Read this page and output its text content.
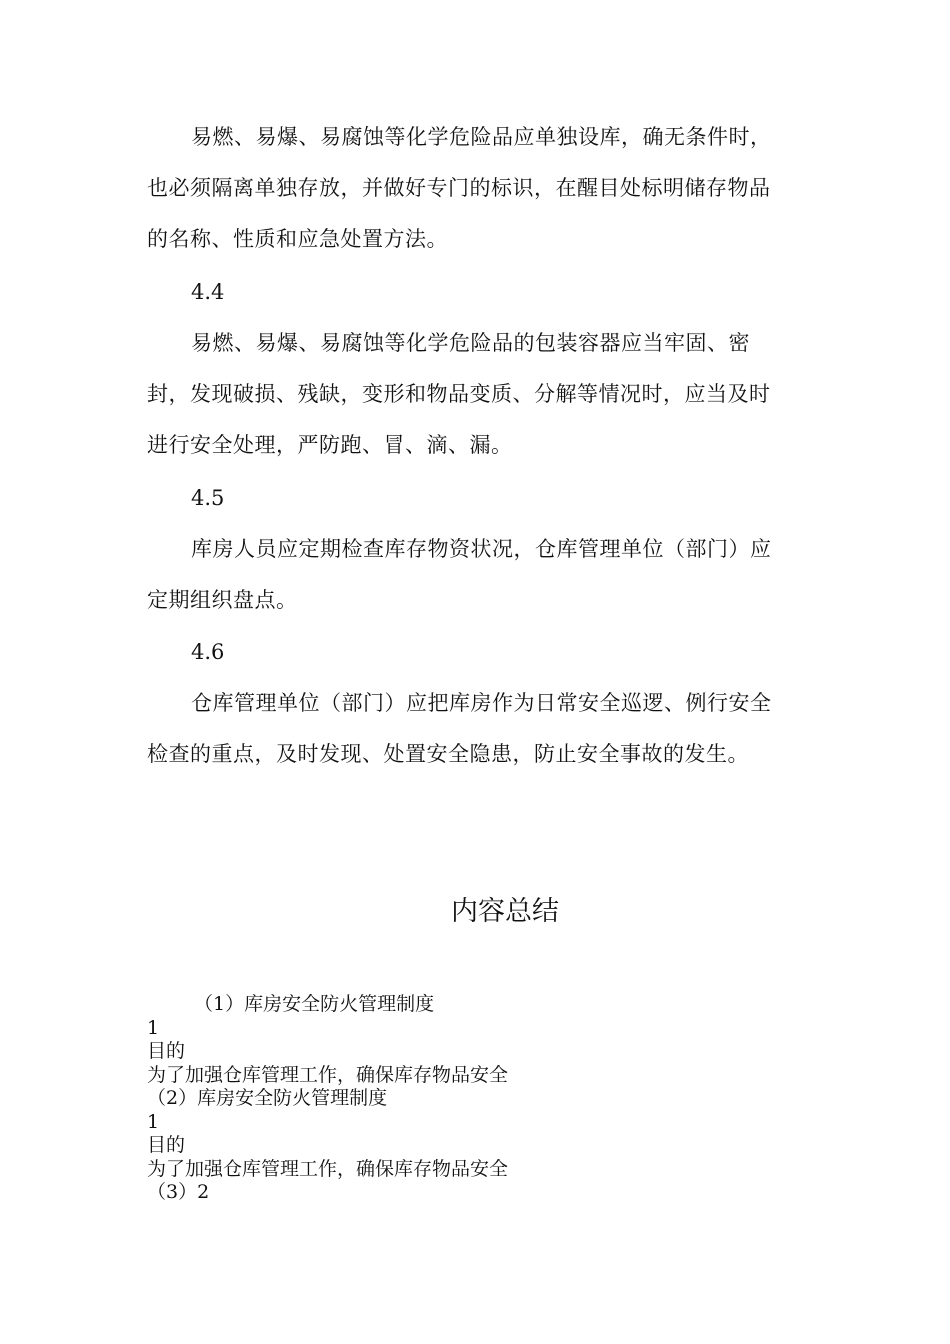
易燃、易爆、易腐蚀等化学危险品应单独设库，确无条件时，
也必须隔离单独存放，并做好专门的标识，在醒目处标明储存物品
的名称、性质和应急处置方法。
4.4
易燃、易爆、易腐蚀等化学危险品的包装容器应当牢固、密
封，发现破损、残缺，变形和物品变质、分解等情况时，应当及时
进行安全处理，严防跑、冒、滴、漏。
4.5
库房人员应定期检查库存物资状况，仓库管理单位（部门）应
定期组织盘点。
4.6
仓库管理单位（部门）应把库房作为日常安全巡逻、例行安全
检查的重点，及时发现、处置安全隐患，防止安全事故的发生。
内容总结
（1）库房安全防火管理制度
1
目的
为了加强仓库管理工作，确保库存物品安全
（2）库房安全防火管理制度
1
目的
为了加强仓库管理工作，确保库存物品安全
（3）2
